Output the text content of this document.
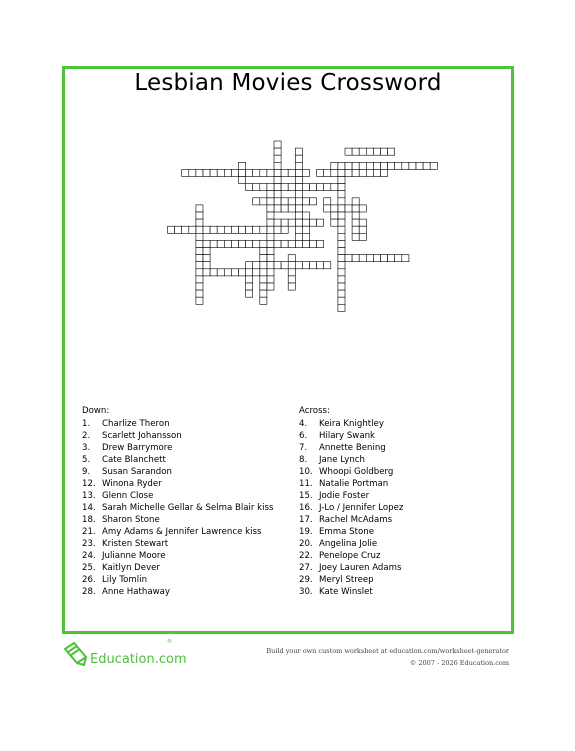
Lesbian Movies Crossword
Down:
1.	Charlize Theron
2.	Scarlett Johansson
3.	Drew Barrymore
5.	Cate Blanchett
9.	Susan Sarandon
12. Winona Ryder
13. Glenn Close
14. Sarah Michelle Gellar & Selma Blair kiss
18. Sharon Stone
21. Amy Adams & Jennifer Lawrence kiss
23. Kristen Stewart
24. Julianne Moore
25. Kaitlyn Dever
26. Lily Tomlin
28. Anne Hathaway
Across:
4.	Keira Knightley
6.	Hilary Swank
7.	Annette Bening
8.	Jane Lynch
10. Whoopi Goldberg
11. Natalie Portman
15. Jodie Foster
16. J-Lo / Jennifer Lopez
17. Rachel McAdams
19. Emma Stone
20. Angelina Jolie
22. Penelope Cruz
27. Joey Lauren Adams
29. Meryl Streep
30. Kate Winslet
Education.com
®
Build your own custom worksheet at education.com/worksheet-generator
© 2007 - 2026 Education.com
